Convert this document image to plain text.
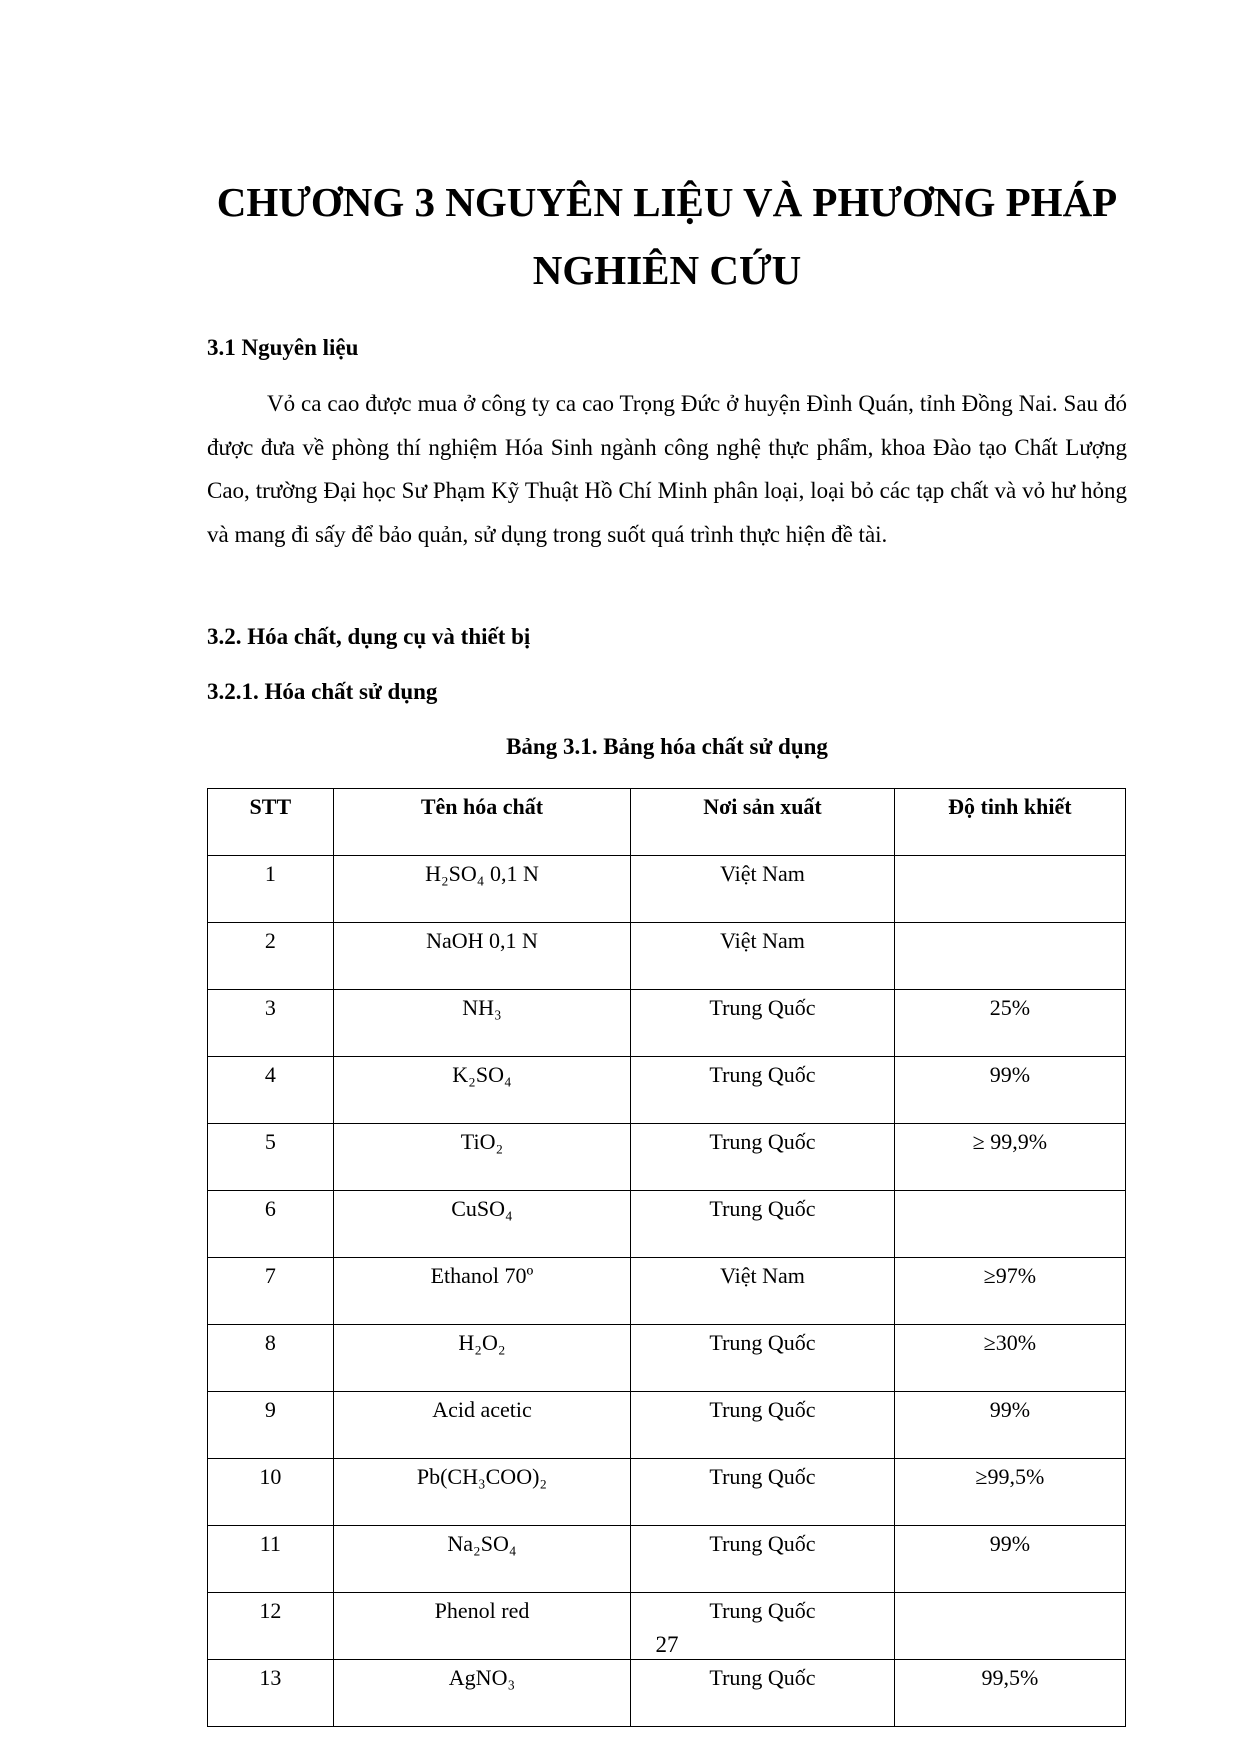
CHƯƠNG 3 NGUYÊN LIỆU VÀ PHƯƠNG PHÁP NGHIÊN CỨU
3.1 Nguyên liệu

Vỏ ca cao được mua ở công ty ca cao Trọng Đức ở huyện Đình Quán, tỉnh Đồng Nai. Sau đó được đưa về phòng thí nghiệm Hóa Sinh ngành công nghệ thực phẩm, khoa Đào tạo Chất Lượng Cao, trường Đại học Sư Phạm Kỹ Thuật Hồ Chí Minh phân loại, loại bỏ các tạp chất và vỏ hư hỏng và mang đi sấy để bảo quản, sử dụng trong suốt quá trình thực hiện đề tài.

3.2. Hóa chất, dụng cụ và thiết bị
3.2.1. Hóa chất sử dụng
Bảng 3.1. Bảng hóa chất sử dụng
STT	Tên hóa chất	Nơi sản xuất	Độ tinh khiết
1	H₂SO₄ 0,1 N	Việt Nam	
2	NaOH 0,1 N	Việt Nam	
3	NH₃	Trung Quốc	25%
4	K₂SO₄	Trung Quốc	99%
5	TiO₂	Trung Quốc	≥ 99,9%
6	CuSO₄	Trung Quốc	
7	Ethanol 70º	Việt Nam	≥97%
8	H₂O₂	Trung Quốc	≥30%
9	Acid acetic	Trung Quốc	99%
10	Pb(CH₃COO)₂	Trung Quốc	≥99,5%
11	Na₂SO₄	Trung Quốc	99%
12	Phenol red	Trung Quốc	
13	AgNO₃	Trung Quốc	99,5%
27
